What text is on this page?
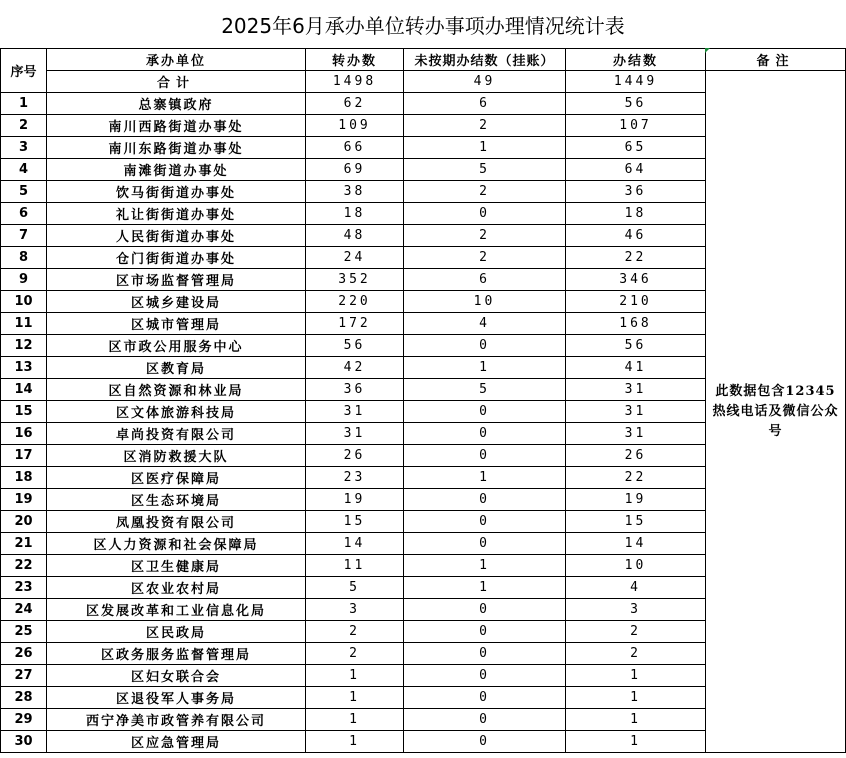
2025年6月承办单位转办事项办理情况统计表
序号	承办单位	转办数	未按期办结数（挂账）	办结数	备注
	合计	1498	49	1449	此数据包含12345热线电话及微信公众号
1	总寨镇政府	62	6	56	
2	南川西路街道办事处	109	2	107	
3	南川东路街道办事处	66	1	65	
4	南滩街道办事处	69	5	64	
5	饮马街街道办事处	38	2	36	
6	礼让街街道办事处	18	0	18	
7	人民街街道办事处	48	2	46	
8	仓门街街道办事处	24	2	22	
9	区市场监督管理局	352	6	346	
10	区城乡建设局	220	10	210	
11	区城市管理局	172	4	168	
12	区市政公用服务中心	56	0	56	
13	区教育局	42	1	41	
14	区自然资源和林业局	36	5	31	
15	区文体旅游科技局	31	0	31	
16	卓尚投资有限公司	31	0	31	
17	区消防救援大队	26	0	26	
18	区医疗保障局	23	1	22	
19	区生态环境局	19	0	19	
20	凤凰投资有限公司	15	0	15	
21	区人力资源和社会保障局	14	0	14	
22	区卫生健康局	11	1	10	
23	区农业农村局	5	1	4	
24	区发展改革和工业信息化局	3	0	3	
25	区民政局	2	0	2	
26	区政务服务监督管理局	2	0	2	
27	区妇女联合会	1	0	1	
28	区退役军人事务局	1	0	1	
29	西宁净美市政管养有限公司	1	0	1	
30	区应急管理局	1	0	1	
